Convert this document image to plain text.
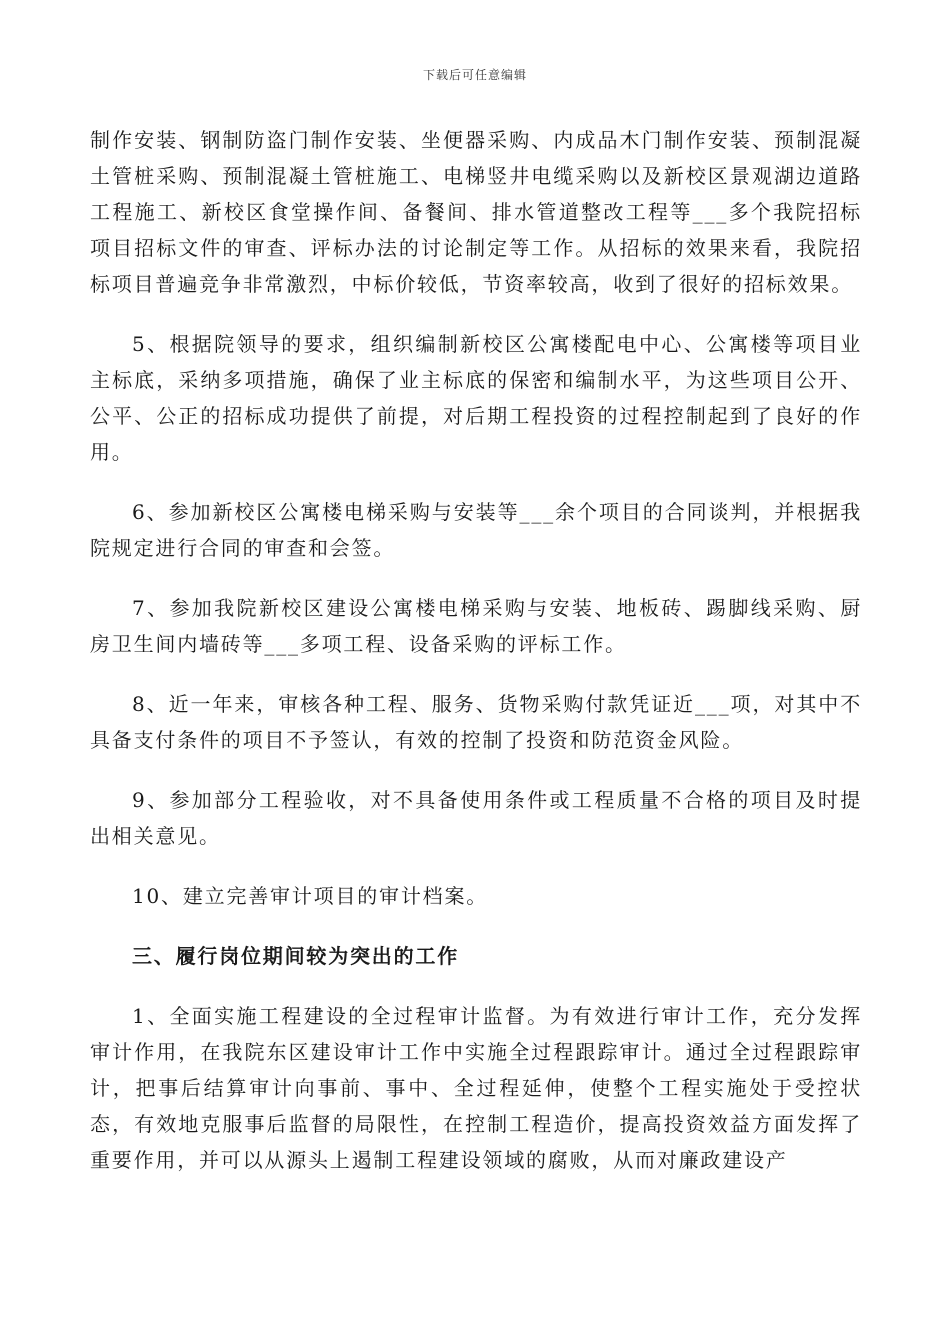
下载后可任意编辑

制作安装、钢制防盗门制作安装、坐便器采购、内成品木门制作安装、预制混凝土管桩采购、预制混凝土管桩施工、电梯竖井电缆采购以及新校区景观湖边道路工程施工、新校区食堂操作间、备餐间、排水管道整改工程等___多个我院招标项目招标文件的审查、评标办法的讨论制定等工作。从招标的效果来看，我院招标项目普遍竞争非常激烈，中标价较低，节资率较高，收到了很好的招标效果。

5、根据院领导的要求，组织编制新校区公寓楼配电中心、公寓楼等项目业主标底，采纳多项措施，确保了业主标底的保密和编制水平，为这些项目公开、公平、公正的招标成功提供了前提，对后期工程投资的过程控制起到了良好的作用。

6、参加新校区公寓楼电梯采购与安装等___余个项目的合同谈判，并根据我院规定进行合同的审查和会签。

7、参加我院新校区建设公寓楼电梯采购与安装、地板砖、踢脚线采购、厨房卫生间内墙砖等___多项工程、设备采购的评标工作。

8、近一年来，审核各种工程、服务、货物采购付款凭证近___项，对其中不具备支付条件的项目不予签认，有效的控制了投资和防范资金风险。

9、参加部分工程验收，对不具备使用条件或工程质量不合格的项目及时提出相关意见。

10、建立完善审计项目的审计档案。

三、履行岗位期间较为突出的工作

1、全面实施工程建设的全过程审计监督。为有效进行审计工作，充分发挥审计作用，在我院东区建设审计工作中实施全过程跟踪审计。通过全过程跟踪审计，把事后结算审计向事前、事中、全过程延伸，使整个工程实施处于受控状态，有效地克服事后监督的局限性，在控制工程造价，提高投资效益方面发挥了重要作用，并可以从源头上遏制工程建设领域的腐败，从而对廉政建设产
